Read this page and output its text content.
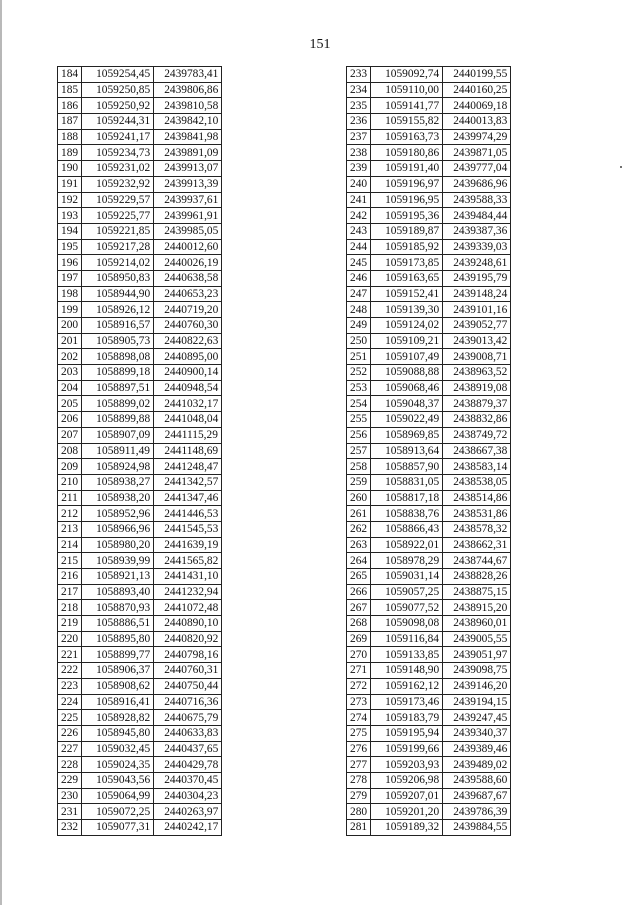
151
184	1059254,45	2439783,41
185	1059250,85	2439806,86
186	1059250,92	2439810,58
187	1059244,31	2439842,10
188	1059241,17	2439841,98
189	1059234,73	2439891,09
190	1059231,02	2439913,07
191	1059232,92	2439913,39
192	1059229,57	2439937,61
193	1059225,77	2439961,91
194	1059221,85	2439985,05
195	1059217,28	2440012,60
196	1059214,02	2440026,19
197	1058950,83	2440638,58
198	1058944,90	2440653,23
199	1058926,12	2440719,20
200	1058916,57	2440760,30
201	1058905,73	2440822,63
202	1058898,08	2440895,00
203	1058899,18	2440900,14
204	1058897,51	2440948,54
205	1058899,02	2441032,17
206	1058899,88	2441048,04
207	1058907,09	2441115,29
208	1058911,49	2441148,69
209	1058924,98	2441248,47
210	1058938,27	2441342,57
211	1058938,20	2441347,46
212	1058952,96	2441446,53
213	1058966,96	2441545,53
214	1058980,20	2441639,19
215	1058939,99	2441565,82
216	1058921,13	2441431,10
217	1058893,40	2441232,94
218	1058870,93	2441072,48
219	1058886,51	2440890,10
220	1058895,80	2440820,92
221	1058899,77	2440798,16
222	1058906,37	2440760,31
223	1058908,62	2440750,44
224	1058916,41	2440716,36
225	1058928,82	2440675,79
226	1058945,80	2440633,83
227	1059032,45	2440437,65
228	1059024,35	2440429,78
229	1059043,56	2440370,45
230	1059064,99	2440304,23
231	1059072,25	2440263,97
232	1059077,31	2440242,17
233	1059092,74	2440199,55
234	1059110,00	2440160,25
235	1059141,77	2440069,18
236	1059155,82	2440013,83
237	1059163,73	2439974,29
238	1059180,86	2439871,05
239	1059191,40	2439777,04
240	1059196,97	2439686,96
241	1059196,95	2439588,33
242	1059195,36	2439484,44
243	1059189,87	2439387,36
244	1059185,92	2439339,03
245	1059173,85	2439248,61
246	1059163,65	2439195,79
247	1059152,41	2439148,24
248	1059139,30	2439101,16
249	1059124,02	2439052,77
250	1059109,21	2439013,42
251	1059107,49	2439008,71
252	1059088,88	2438963,52
253	1059068,46	2438919,08
254	1059048,37	2438879,37
255	1059022,49	2438832,86
256	1058969,85	2438749,72
257	1058913,64	2438667,38
258	1058857,90	2438583,14
259	1058831,05	2438538,05
260	1058817,18	2438514,86
261	1058838,76	2438531,86
262	1058866,43	2438578,32
263	1058922,01	2438662,31
264	1058978,29	2438744,67
265	1059031,14	2438828,26
266	1059057,25	2438875,15
267	1059077,52	2438915,20
268	1059098,08	2438960,01
269	1059116,84	2439005,55
270	1059133,85	2439051,97
271	1059148,90	2439098,75
272	1059162,12	2439146,20
273	1059173,46	2439194,15
274	1059183,79	2439247,45
275	1059195,94	2439340,37
276	1059199,66	2439389,46
277	1059203,93	2439489,02
278	1059206,98	2439588,60
279	1059207,01	2439687,67
280	1059201,20	2439786,39
281	1059189,32	2439884,55
